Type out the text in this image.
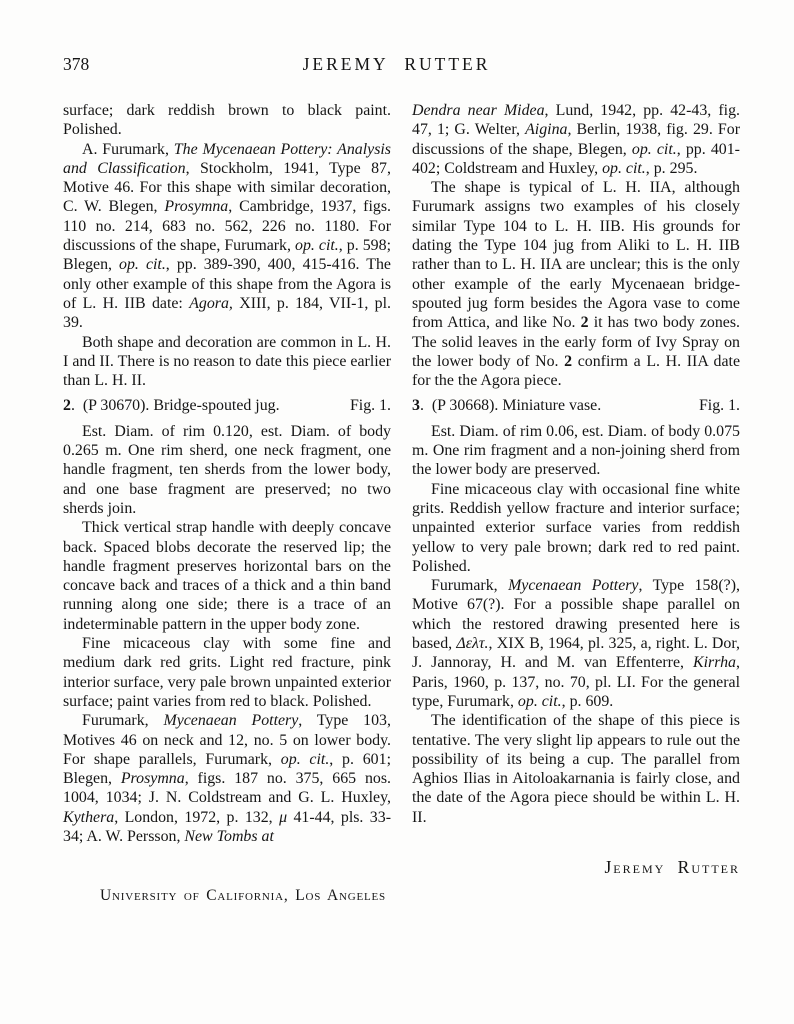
378	JEREMY RUTTER

surface; dark reddish brown to black paint. Polished.

A. Furumark, The Mycenaean Pottery: Analysis and Classification, Stockholm, 1941, Type 87, Motive 46. For this shape with similar decoration, C. W. Blegen, Prosymna, Cambridge, 1937, figs. 110 no. 214, 683 no. 562, 226 no. 1180. For discussions of the shape, Furumark, op. cit., p. 598; Blegen, op. cit., pp. 389-390, 400, 415-416. The only other example of this shape from the Agora is of L. H. IIB date: Agora, XIII, p. 184, VII-1, pl. 39.

Both shape and decoration are common in L. H. I and II. There is no reason to date this piece earlier than L. H. II.

2. (P 30670). Bridge-spouted jug.	Fig. 1.

Est. Diam. of rim 0.120, est. Diam. of body 0.265 m. One rim sherd, one neck fragment, one handle fragment, ten sherds from the lower body, and one base fragment are preserved; no two sherds join.

Thick vertical strap handle with deeply concave back. Spaced blobs decorate the reserved lip; the handle fragment preserves horizontal bars on the concave back and traces of a thick and a thin band running along one side; there is a trace of an indeterminable pattern in the upper body zone.

Fine micaceous clay with some fine and medium dark red grits. Light red fracture, pink interior surface, very pale brown unpainted exterior surface; paint varies from red to black. Polished.

Furumark, Mycenaean Pottery, Type 103, Motives 46 on neck and 12, no. 5 on lower body. For shape parallels, Furumark, op. cit., p. 601; Blegen, Prosymna, figs. 187 no. 375, 665 nos. 1004, 1034; J. N. Coldstream and G. L. Huxley, Kythera, London, 1972, p. 132, μ 41-44, pls. 33-34; A. W. Persson, New Tombs at

Dendra near Midea, Lund, 1942, pp. 42-43, fig. 47, 1; G. Welter, Aigina, Berlin, 1938, fig. 29. For discussions of the shape, Blegen, op. cit., pp. 401-402; Coldstream and Huxley, op. cit., p. 295.

The shape is typical of L. H. IIA, although Furumark assigns two examples of his closely similar Type 104 to L. H. IIB. His grounds for dating the Type 104 jug from Aliki to L. H. IIB rather than to L. H. IIA are unclear; this is the only other example of the early Mycenaean bridge-spouted jug form besides the Agora vase to come from Attica, and like No. 2 it has two body zones. The solid leaves in the early form of Ivy Spray on the lower body of No. 2 confirm a L. H. IIA date for the the Agora piece.

3. (P 30668). Miniature vase.	Fig. 1.

Est. Diam. of rim 0.06, est. Diam. of body 0.075 m. One rim fragment and a non-joining sherd from the lower body are preserved.

Fine micaceous clay with occasional fine white grits. Reddish yellow fracture and interior surface; unpainted exterior surface varies from reddish yellow to very pale brown; dark red to red paint. Polished.

Furumark, Mycenaean Pottery, Type 158(?), Motive 67(?). For a possible shape parallel on which the restored drawing presented here is based, Δελτ., XIX B, 1964, pl. 325, a, right. L. Dor, J. Jannoray, H. and M. van Effenterre, Kirrha, Paris, 1960, p. 137, no. 70, pl. LI. For the general type, Furumark, op. cit., p. 609.

The identification of the shape of this piece is tentative. The very slight lip appears to rule out the possibility of its being a cup. The parallel from Aghios Ilias in Aitoloakarnania is fairly close, and the date of the Agora piece should be within L. H. II.

Jeremy Rutter
University of California, Los Angeles
